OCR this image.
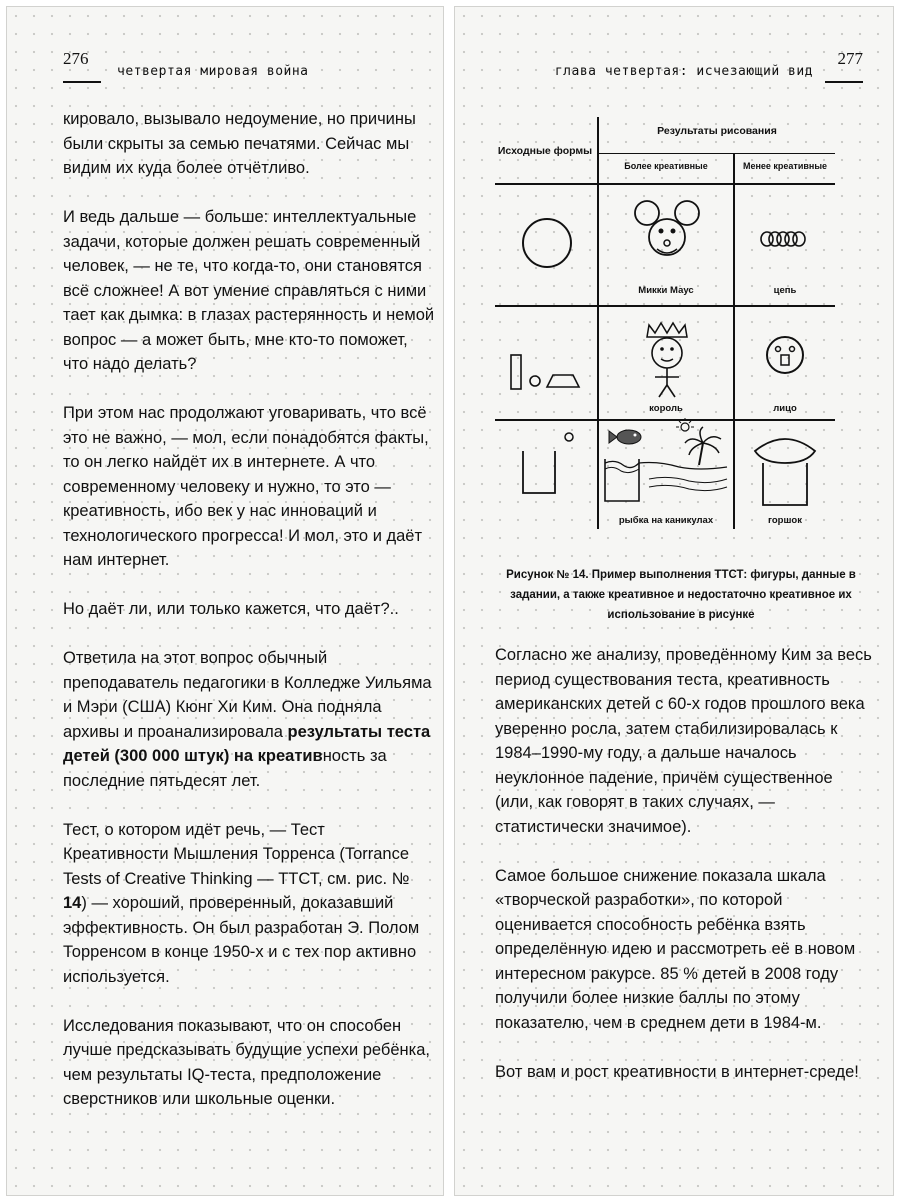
276
четвертая мировая война

кировало, вызывало недоумение, но причины были скрыты за семью печатями. Сейчас мы видим их куда более отчётливо.

И ведь дальше — больше: интеллектуальные задачи, которые должен решать современный человек, — не те, что когда-то, они становятся всё сложнее! А вот умение справляться с ними тает как дымка: в глазах растерянность и немой вопрос — а может быть, мне кто-то поможет, что надо делать?

При этом нас продолжают уговаривать, что всё это не важно, — мол, если понадобятся факты, то он легко найдёт их в интернете. А что современному человеку и нужно, то это — креативность, ибо век у нас инноваций и технологического прогресса! И мол, это и даёт нам интернет.

Но даёт ли, или только кажется, что даёт?..

Ответила на этот вопрос обычный преподаватель педагогики в Колледже Уильяма и Мэри (США) Кюнг Хи Ким. Она подняла архивы и проанализировала результаты теста детей (300 000 штук) на креативность за последние пятьдесят лет.

Тест, о котором идёт речь, — Тест Креативности Мышления Торренса (Torrance Tests of Creative Thinking — ТТСТ, см. рис. № 14) — хороший, проверенный, доказавший эффективность. Он был разработан Э. Полом Торренсом в конце 1950-х и с тех пор активно используется.

Исследования показывают, что он способен лучше предсказывать будущие успехи ребёнка, чем результаты IQ-теста, предположение сверстников или школьные оценки.

277
глава четвертая: исчезающий вид
Исходные формы
Результаты рисования
Более креативные	Менее креативные
Микки Маус	цепь
король	лицо
рыбка на каникулах	горшок
Рисунок № 14. Пример выполнения ТТСТ: фигуры, данные в задании, а также креативное и недостаточно креативное их использование в рисунке

Согласно же анализу, проведённому Ким за весь период существования теста, креативность американских детей с 60-х годов прошлого века уверенно росла, затем стабилизировалась к 1984–1990-му году, а дальше началось неуклонное падение, причём существенное (или, как говорят в таких случаях, — статистически значимое).

Самое большое снижение показала шкала «творческой разработки», по которой оценивается способность ребёнка взять определённую идею и рассмотреть её в новом интересном ракурсе. 85 % детей в 2008 году получили более низкие баллы по этому показателю, чем в среднем дети в 1984-м.

Вот вам и рост креативности в интернет-среде!
